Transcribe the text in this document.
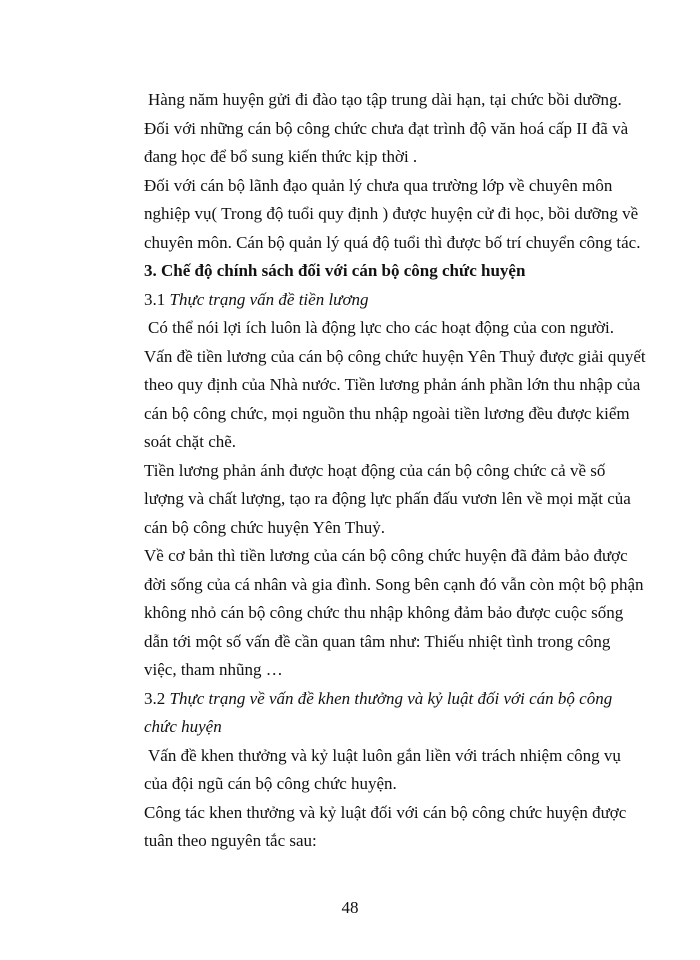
Hàng năm huyện gửi đi đào tạo tập trung dài hạn, tại chức bồi dưỡng.
Đối với những cán bộ công chức chưa đạt trình độ văn hoá cấp II đã và
đang học để bổ sung kiến thức kịp thời .
Đối với cán bộ lãnh đạo quản lý chưa qua trường lớp về chuyên môn
nghiệp vụ( Trong độ tuổi quy định ) được huyện cử đi học, bồi dưỡng về
chuyên môn. Cán bộ quản lý quá độ tuổi thì được bố trí chuyển công tác.
3. Chế độ chính sách đối với cán bộ công chức huyện
3.1 Thực trạng vấn đề tiền lương
Có thể nói lợi ích luôn là động lực cho các hoạt động của con người.
Vấn đề tiền lương của cán bộ công chức huyện Yên Thuỷ được giải quyết
theo quy định của Nhà nước. Tiền lương phản ánh phần lớn thu nhập của
cán bộ công chức, mọi nguồn thu nhập ngoài tiền lương đều được kiểm
soát chặt chẽ.
Tiền lương phản ánh được hoạt động của cán bộ công chức cả về số
lượng và chất lượng, tạo ra động lực phấn đấu vươn lên về mọi mặt của
cán bộ công chức huyện Yên Thuỷ.
Về cơ bản thì tiền lương của cán bộ công chức huyện đã đảm bảo được
đời sống của cá nhân và gia đình. Song bên cạnh đó vẫn còn một bộ phận
không nhỏ cán bộ công chức thu nhập không đảm bảo được cuộc sống
dẫn tới một số vấn đề cần quan tâm như: Thiếu nhiệt tình trong công
việc, tham nhũng …
3.2 Thực trạng về vấn đề khen thưởng và kỷ luật đối với cán bộ công
chức huyện
Vấn đề khen thưởng và kỷ luật luôn gắn liền với trách nhiệm công vụ
của đội ngũ cán bộ công chức huyện.
Công tác khen thưởng và kỷ luật đối với cán bộ công chức huyện được
tuân theo nguyên tắc sau:
48
